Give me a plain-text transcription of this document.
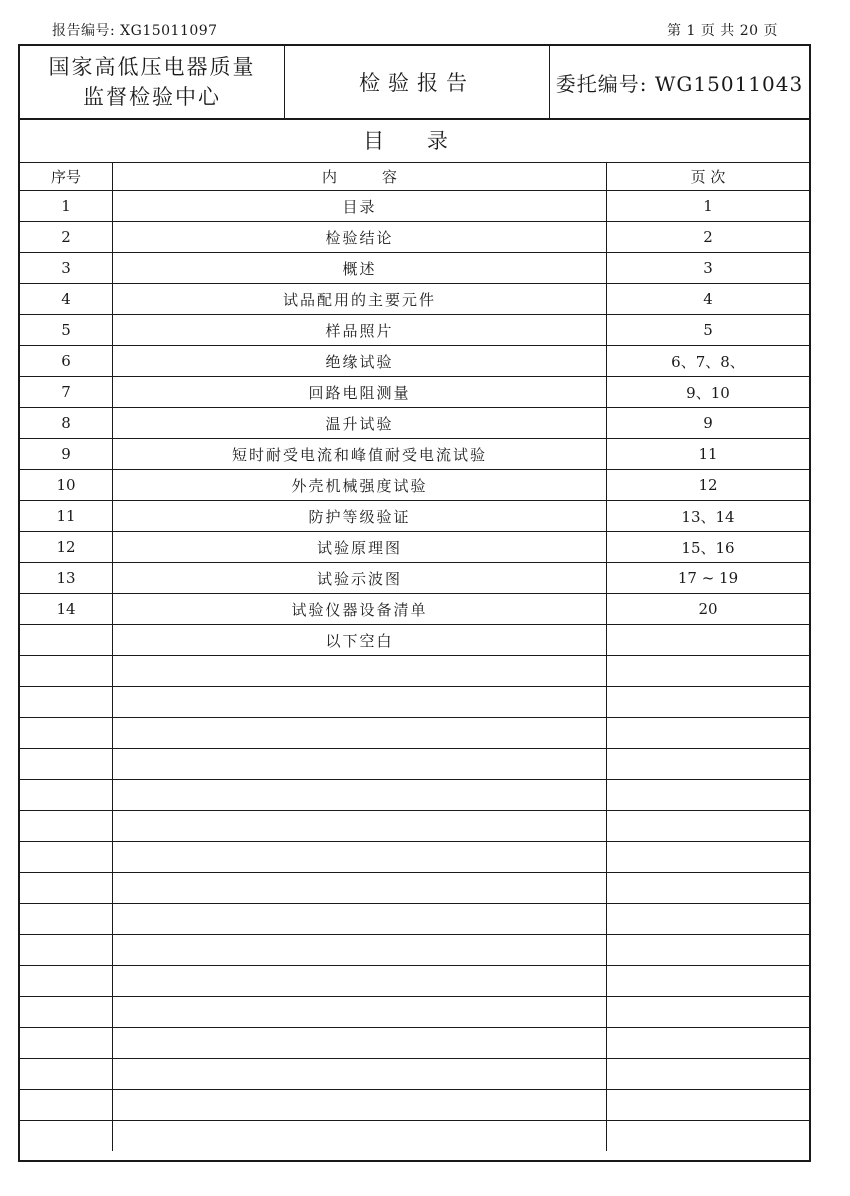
报告编号: XG15011097	第 1 页 共 20 页
国家高低压电器质量
监督检验中心
检验报告	委托编号: WG15011043
目 录
序号	内　　　容	页 次
1	目录	1
2	检验结论	2
3	概述	3
4	试品配用的主要元件	4
5	样品照片	5
6	绝缘试验	6、7、8、
7	回路电阻测量	9、10
8	温升试验	9
9	短时耐受电流和峰值耐受电流试验	11
10	外壳机械强度试验	12
11	防护等级验证	13、14
12	试验原理图	15、16
13	试验示波图	17 ~ 19
14	试验仪器设备清单	20
	以下空白	
